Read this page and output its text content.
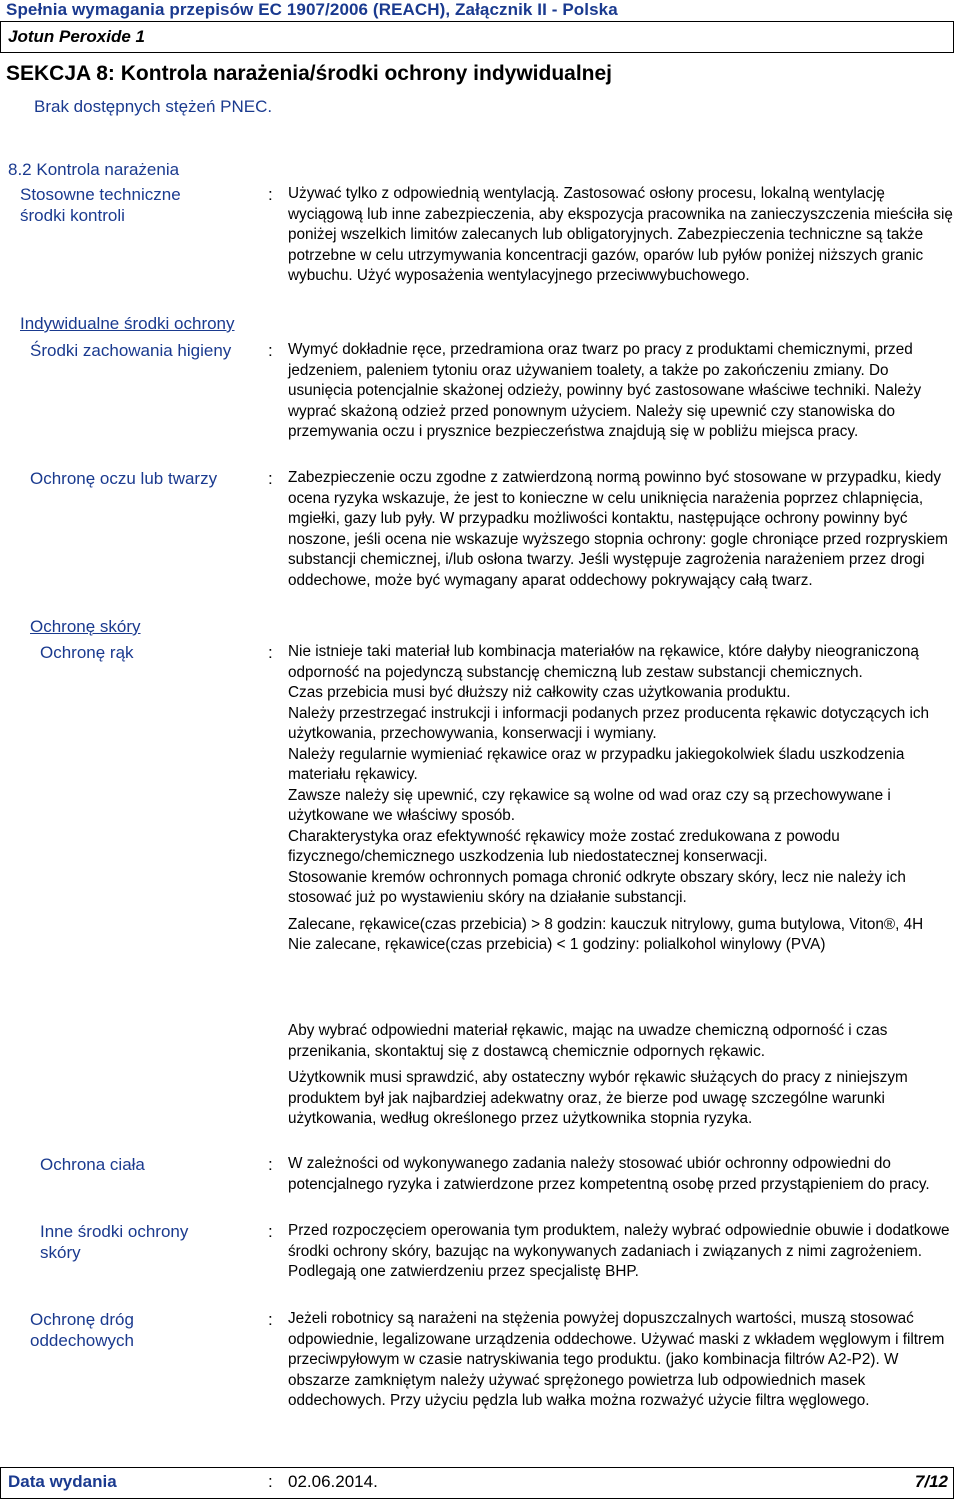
Spełnia wymagania przepisów EC 1907/2006 (REACH), Załącznik II - Polska
Jotun Peroxide 1
SEKCJA 8: Kontrola narażenia/środki ochrony indywidualnej
Brak dostępnych stężeń PNEC.
8.2 Kontrola narażenia
Stosowne techniczne
środki kontroli
: Używać tylko z odpowiednią wentylacją. Zastosować osłony procesu, lokalną wentylację wyciągową lub inne zabezpieczenia, aby ekspozycja pracownika na zanieczyszczenia mieściła się poniżej wszelkich limitów zalecanych lub obligatoryjnych. Zabezpieczenia techniczne są także potrzebne w celu utrzymywania koncentracji gazów, oparów lub pyłów poniżej niższych granic wybuchu. Użyć wyposażenia wentylacyjnego przeciwwybuchowego.
Indywidualne środki ochrony
Środki zachowania higieny : Wymyć dokładnie ręce, przedramiona oraz twarz po pracy z produktami chemicznymi, przed jedzeniem, paleniem tytoniu oraz używaniem toalety, a także po zakończeniu zmiany. Do usunięcia potencjalnie skażonej odzieży, powinny być zastosowane właściwe techniki. Należy wyprać skażoną odzież przed ponownym użyciem. Należy się upewnić czy stanowiska do przemywania oczu i prysznice bezpieczeństwa znajdują się w pobliżu miejsca pracy.
Ochronę oczu lub twarzy	: Zabezpieczenie oczu zgodne z zatwierdzoną normą powinno być stosowane w przypadku, kiedy ocena ryzyka wskazuje, że jest to konieczne w celu uniknięcia narażenia poprzez chlapnięcia, mgiełki, gazy lub pyły. W przypadku możliwości kontaktu, następujące ochrony powinny być noszone, jeśli ocena nie wskazuje wyższego stopnia ochrony: gogle chroniące przed rozpryskiem substancji chemicznej, i/lub osłona twarzy. Jeśli występuje zagrożenia narażeniem przez drogi oddechowe, może być wymagany aparat oddechowy pokrywający całą twarz.
Ochronę skóry
Ochronę rąk	: Nie istnieje taki materiał lub kombinacja materiałów na rękawice, które dałyby nieograniczoną odporność na pojedynczą substancję chemiczną lub zestaw substancji chemicznych.

Czas przebicia musi być dłuższy niż całkowity czas użytkowania produktu.

Należy przestrzegać instrukcji i informacji podanych przez producenta rękawic dotyczących ich użytkowania, przechowywania, konserwacji i wymiany.

Należy regularnie wymieniać rękawice oraz w przypadku jakiegokolwiek śladu uszkodzenia materiału rękawicy.

Zawsze należy się upewnić, czy rękawice są wolne od wad oraz czy są przechowywane i użytkowane we właściwy sposób.

Charakterystyka oraz efektywność rękawicy może zostać zredukowana z powodu fizycznego/chemicznego uszkodzenia lub niedostatecznej konserwacji.

Stosowanie kremów ochronnych pomaga chronić odkryte obszary skóry, lecz nie należy ich stosować już po wystawieniu skóry na działanie substancji.

Zalecane, rękawice(czas przebicia) > 8 godzin: kauczuk nitrylowy, guma butylowa, Viton®, 4H

Nie zalecane, rękawice(czas przebicia) < 1 godziny: polialkohol winylowy (PVA)

Aby wybrać odpowiedni materiał rękawic, mając na uwadze chemiczną odporność i czas przenikania, skontaktuj się z dostawcą chemicznie odpornych rękawic.
Użytkownik musi sprawdzić, aby ostateczny wybór rękawic służących do pracy z niniejszym produktem był jak najbardziej adekwatny oraz, że bierze pod uwagę szczególne warunki użytkowania, według określonego przez użytkownika stopnia ryzyka.
Ochrona ciała	: W zależności od wykonywanego zadania należy stosować ubiór ochronny odpowiedni do potencjalnego ryzyka i zatwierdzone przez kompetentną osobę przed przystąpieniem do pracy.
Inne środki ochrony
skóry
: Przed rozpoczęciem operowania tym produktem, należy wybrać odpowiednie obuwie i dodatkowe środki ochrony skóry, bazując na wykonywanych zadaniach i związanych z nimi zagrożeniem. Podlegają one zatwierdzeniu przez specjalistę BHP.
Ochronę dróg
oddechowych
: Jeżeli robotnicy są narażeni na stężenia powyżej dopuszczalnych wartości, muszą stosować odpowiednie, legalizowane urządzenia oddechowe. Używać maski z wkładem węglowym i filtrem przeciwpyłowym w czasie natryskiwania tego produktu. (jako kombinacja filtrów A2-P2). W obszarze zamkniętym należy używać sprężonego powietrza lub odpowiednich masek oddechowych. Przy użyciu pędzla lub wałka można rozważyć użycie filtra węglowego.
Data wydania	: 02.06.2014.	7/12
